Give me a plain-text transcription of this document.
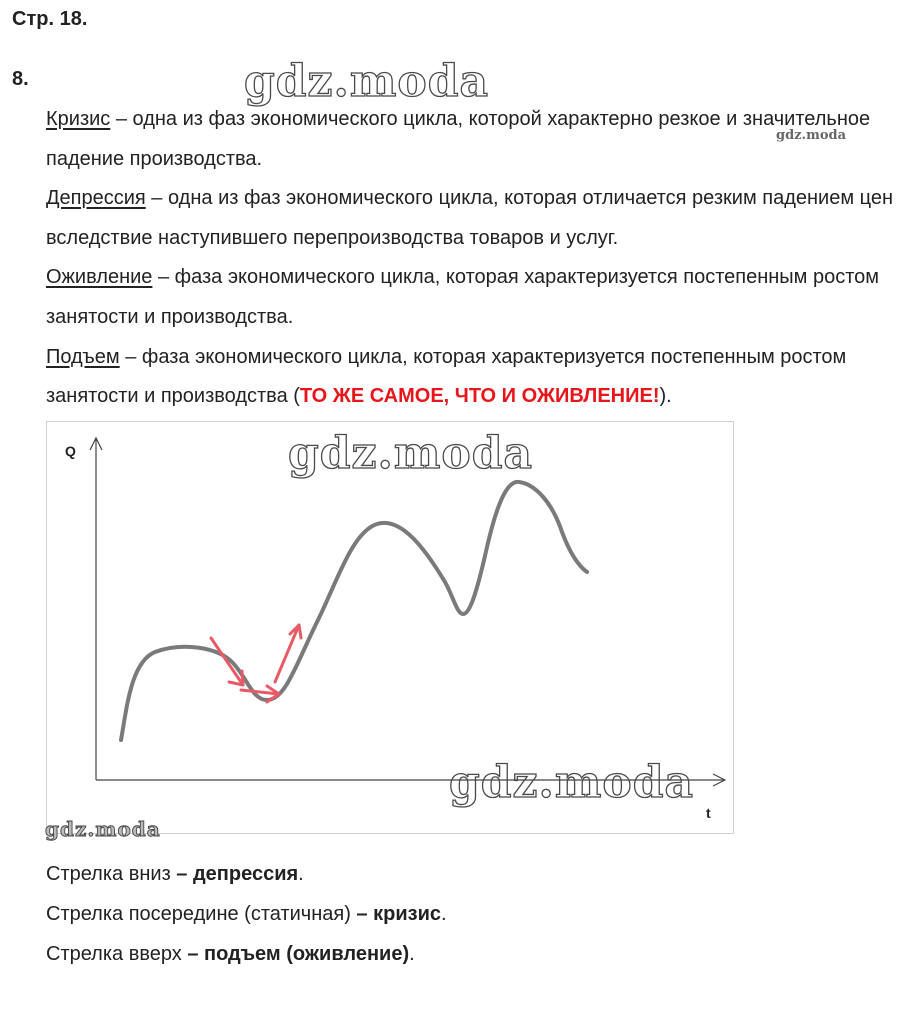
Стр. 18.
8.	gdz.moda
gdz.moda
Кризис – одна из фаз экономического цикла, которой характерно резкое и значительное падение производства.
Депрессия – одна из фаз экономического цикла, которая отличается резким падением цен вследствие наступившего перепроизводства товаров и услуг.
Оживление – фаза экономического цикла, которая характеризуется постепенным ростом занятости и производства.
Подъем – фаза экономического цикла, которая характеризуется постепенным ростом занятости и производства (ТО ЖЕ САМОЕ, ЧТО И ОЖИВЛЕНИЕ!).
Q
t
gdz.moda
gdz.moda
gdz.moda
Стрелка вниз – депрессия.
Стрелка посередине (статичная) – кризис.
Стрелка вверх – подъем (оживление).
